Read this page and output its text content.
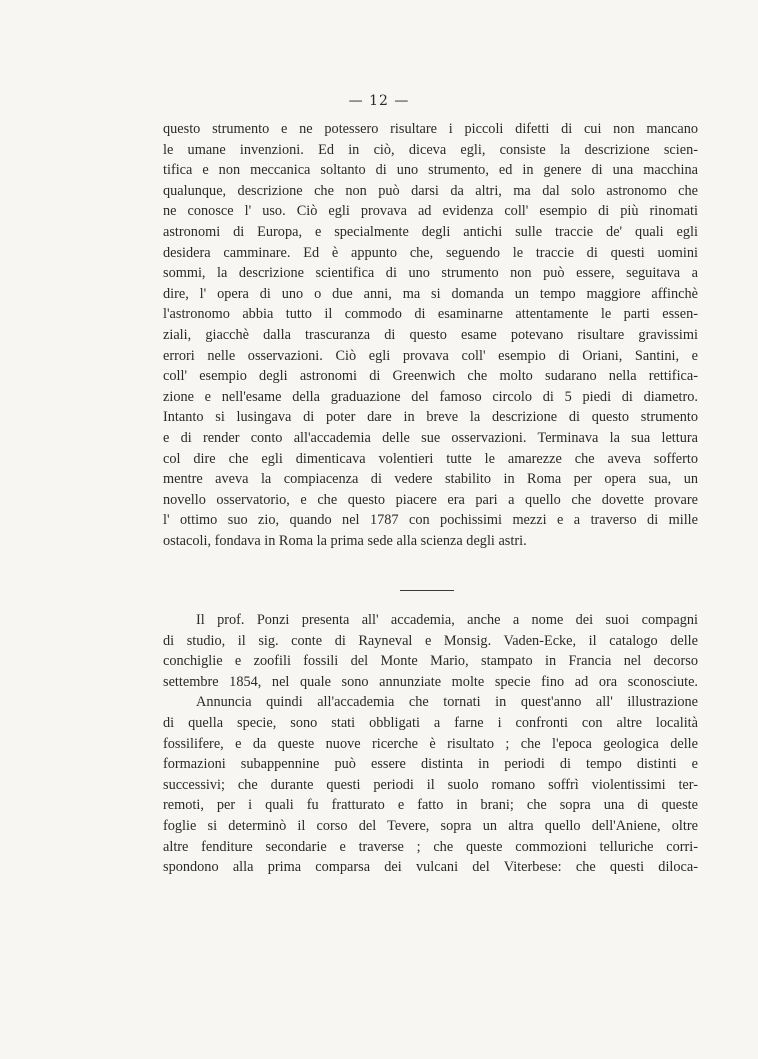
— 12 —
questo strumento e ne potessero risultare i piccoli difetti di cui non mancano
le umane invenzioni. Ed in ciò, diceva egli, consiste la descrizione scien-
tifica e non meccanica soltanto di uno strumento, ed in genere di una macchina
qualunque, descrizione che non può darsi da altri, ma dal solo astronomo che
ne conosce l' uso. Ciò egli provava ad evidenza coll' esempio di più rinomati
astronomi di Europa, e specialmente degli antichi sulle traccie de' quali egli
desidera camminare. Ed è appunto che, seguendo le traccie di questi uomini
sommi, la descrizione scientifica di uno strumento non può essere, seguitava a
dire, l' opera di uno o due anni, ma si domanda un tempo maggiore affinchè
l'astronomo abbia tutto il commodo di esaminarne attentamente le parti essen-
ziali, giacchè dalla trascuranza di questo esame potevano risultare gravissimi
errori nelle osservazioni. Ciò egli provava coll' esempio di Oriani, Santini, e
coll' esempio degli astronomi di Greenwich che molto sudarano nella rettifica-
zione e nell'esame della graduazione del famoso circolo di 5 piedi di diametro.
Intanto si lusingava di poter dare in breve la descrizione di questo strumento
e di render conto all'accademia delle sue osservazioni. Terminava la sua lettura
col dire che egli dimenticava volentieri tutte le amarezze che aveva sofferto
mentre aveva la compiacenza di vedere stabilito in Roma per opera sua, un
novello osservatorio, e che questo piacere era pari a quello che dovette provare
l' ottimo suo zio, quando nel 1787 con pochissimi mezzi e a traverso di mille
ostacoli, fondava in Roma la prima sede alla scienza degli astri.
Il prof. Ponzi presenta all' accademia, anche a nome dei suoi compagni
di studio, il sig. conte di Rayneval e Monsig. Vaden-Ecke, il catalogo delle
conchiglie e zoofili fossili del Monte Mario, stampato in Francia nel decorso
settembre 1854, nel quale sono annunziate molte specie fino ad ora sconosciute.
Annuncia quindi all'accademia che tornati in quest'anno all' illustrazione
di quella specie, sono stati obbligati a farne i confronti con altre località
fossilifere, e da queste nuove ricerche è risultato ; che l'epoca geologica delle
formazioni subappennine può essere distinta in periodi di tempo distinti e
successivi; che durante questi periodi il suolo romano soffrì violentissimi ter-
remoti, per i quali fu fratturato e fatto in brani; che sopra una di queste
foglie si determinò il corso del Tevere, sopra un altra quello dell'Aniene, oltre
altre fenditure secondarie e traverse ; che queste commozioni telluriche corri-
spondono alla prima comparsa dei vulcani del Viterbese: che questi diloca-
